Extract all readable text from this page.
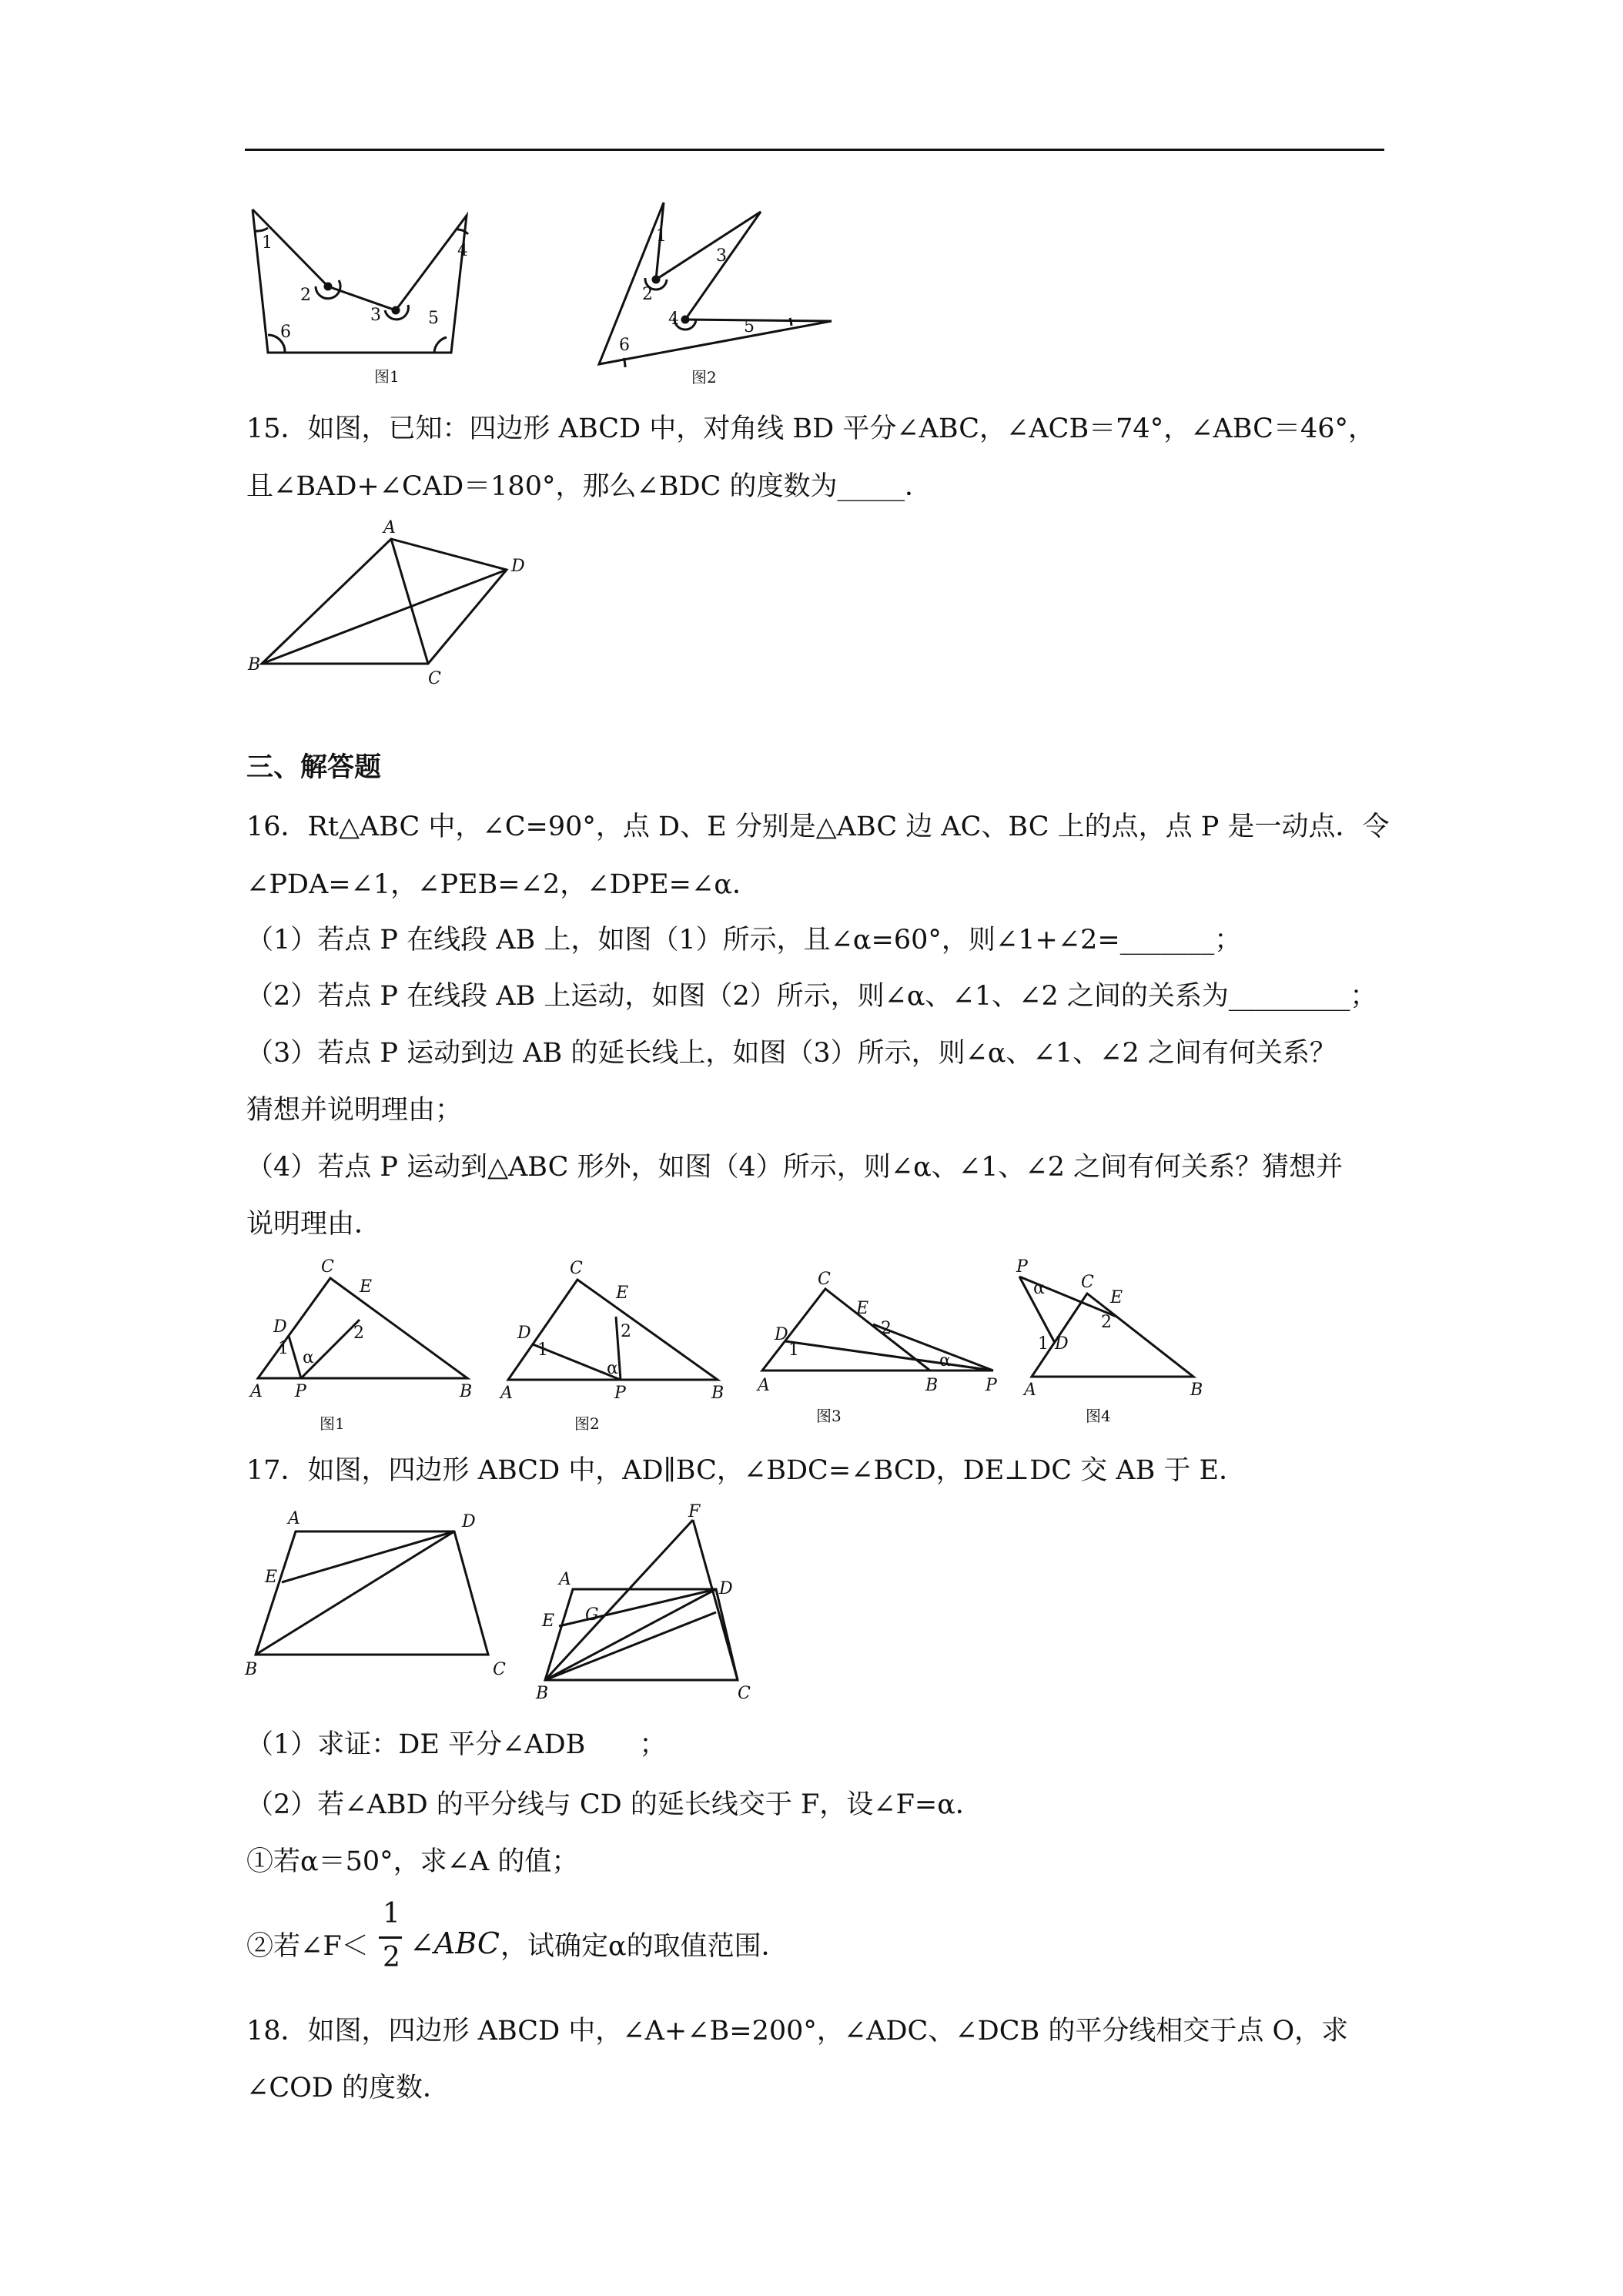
1
2
3
4
5
6
图1
1
2
3
4	5
6
图2
15．如图，已知：四边形 ABCD 中，对角线 BD 平分∠ABC，∠ACB＝74°，∠ABC＝46°，
且∠BAD+∠CAD＝180°，那么∠BDC 的度数为_____．
A
D
B
C
三、解答题
16．Rt△ABC 中，∠C=90°，点 D、E 分别是△ABC 边 AC、BC 上的点，点 P 是一动点．令
∠PDA=∠1，∠PEB=∠2，∠DPE=∠α．
（1）若点 P 在线段 AB 上，如图（1）所示，且∠α=60°，则∠1+∠2=_______；
（2）若点 P 在线段 AB 上运动，如图（2）所示，则∠α、∠1、∠2 之间的关系为_________；
（3）若点 P 运动到边 AB 的延长线上，如图（3）所示，则∠α、∠1、∠2 之间有何关系？
猜想并说明理由；
（4）若点 P 运动到△ABC 形外，如图（4）所示，则∠α、∠1、∠2 之间有何关系？猜想并
说明理由．
C
E
D	2
1 α
A P	B
图1
C
E
D	2
1
α
A	P	B
图2
C
E
D	2
1
α
A	B	P
图3
P
α C
E
2
1 D
A	B
图4
17．如图，四边形 ABCD 中，AD∥BC，∠BDC=∠BCD，DE⊥DC 交 AB 于 E．
A	D
E
B	C
F
A	D
G
E
B	C
（1）求证：DE 平分∠ADB　　；
（2）若∠ABD 的平分线与 CD 的延长线交于 F，设∠F=α．
①若α＝50°，求∠A 的值；
②若∠F＜
1
2 ∠ABC ，试确定α的取值范围．
18．如图，四边形 ABCD 中，∠A+∠B=200°，∠ADC、∠DCB 的平分线相交于点 O，求
∠COD 的度数．
